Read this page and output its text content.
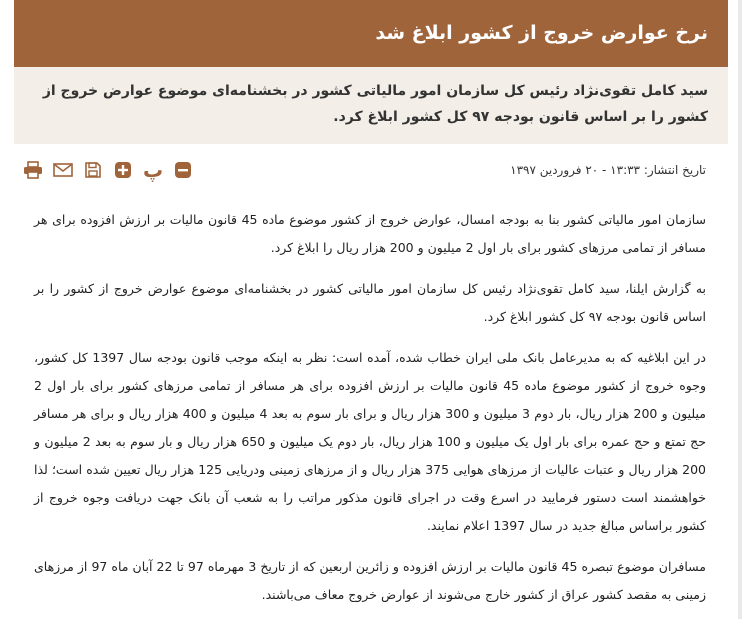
نرخ عوارض خروج از کشور ابلاغ شد
سید کامل تقوی‌نژاد رئیس کل سازمان امور مالیاتی کشور در بخشنامه‌ای موضوع عوارض خروج از کشور را بر اساس قانون بودجه ۹۷ کل کشور ابلاغ کرد.
تاریخ انتشار: ۱۳:۳۳ - ۲۰ فروردین ۱۳۹۷
پ

سازمان امور مالیاتی کشور بنا به بودجه امسال، عوارض خروج از کشور موضوع ماده 45 قانون مالیات بر ارزش افزوده برای هر مسافر از تمامی مرزهای کشور برای بار اول 2 میلیون و 200 هزار ریال را ابلاغ کرد.

به گزارش ایلنا، سید کامل تقوی‌نژاد رئیس کل سازمان امور مالیاتی کشور در بخشنامه‌ای موضوع عوارض خروج از کشور را بر اساس قانون بودجه ۹۷ کل کشور ابلاغ کرد.

در این ابلاغیه که به مدیرعامل بانک ملی ایران خطاب شده، آمده است: نظر به اینکه موجب قانون بودجه سال 1397 کل کشور، وجوه خروج از کشور موضوع ماده 45 قانون مالیات بر ارزش افزوده برای هر مسافر از تمامی مرزهای کشور برای بار اول 2 میلیون و 200 هزار ریال، بار دوم 3 میلیون و 300 هزار ریال و برای بار سوم به بعد 4 میلیون و 400 هزار ریال و برای هر مسافر حج تمتع و حج عمره برای بار اول یک میلیون و 100 هزار ریال، بار دوم یک میلیون و 650 هزار ریال و بار سوم به بعد 2 میلیون و 200 هزار ریال و عتبات عالیات از مرزهای هوایی 375 هزار ریال و از مرزهای زمینی ودریایی 125 هزار ریال تعیین شده است؛ لذا خواهشمند است دستور فرمایید در اسرع وقت در اجرای قانون مذکور مراتب را به شعب آن بانک جهت دریافت وجوه خروج از کشور براساس مبالغ جدید در سال 1397 اعلام نمایند.

مسافران موضوع تبصره 45 قانون مالیات بر ارزش افزوده و زائرین اربعین که از تاریخ 3 مهرماه 97 تا 22 آبان ماه 97 از مرزهای زمینی به مقصد کشور عراق از کشور خارج می‌شوند از عوارض خروج معاف می‌باشند.
